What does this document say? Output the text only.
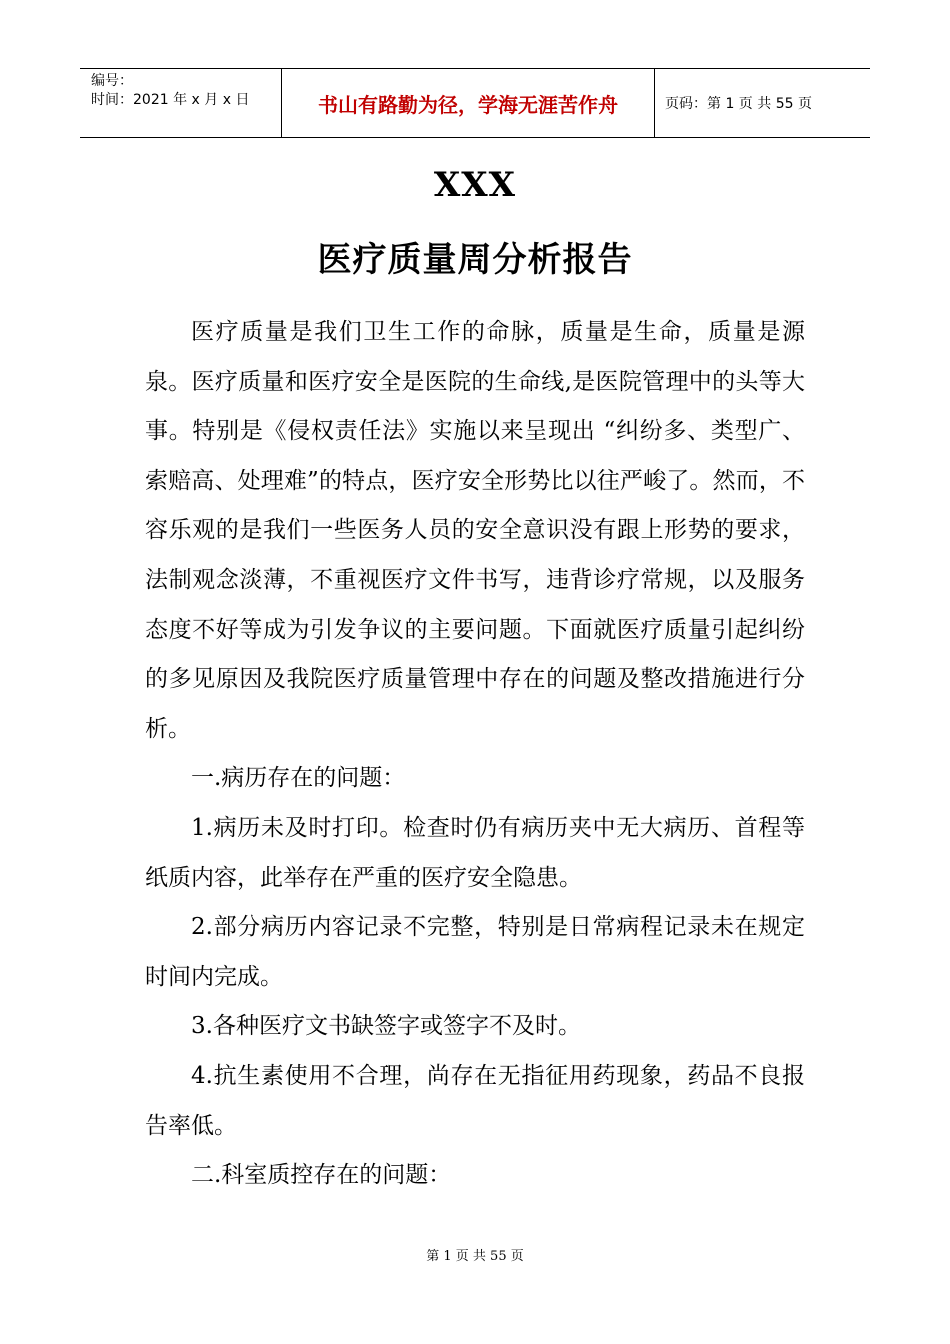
编号：
时间：2021 年 x 月 x 日	书山有路勤为径，学海无涯苦作舟	页码：第 1 页 共 55 页
XXX
医疗质量周分析报告

医疗质量是我们卫生工作的命脉，质量是生命，质量是源泉。医疗质量和医疗安全是医院的生命线,是医院管理中的头等大事。特别是《侵权责任法》实施以来呈现出 “纠纷多、类型广、索赔高、处理难”的特点，医疗安全形势比以往严峻了。然而，不容乐观的是我们一些医务人员的安全意识没有跟上形势的要求，法制观念淡薄，不重视医疗文件书写，违背诊疗常规，以及服务态度不好等成为引发争议的主要问题。下面就医疗质量引起纠纷的多见原因及我院医疗质量管理中存在的问题及整改措施进行分析。

一.病历存在的问题：

1.病历未及时打印。检查时仍有病历夹中无大病历、首程等纸质内容，此举存在严重的医疗安全隐患。

2.部分病历内容记录不完整，特别是日常病程记录未在规定时间内完成。

3.各种医疗文书缺签字或签字不及时。

4.抗生素使用不合理，尚存在无指征用药现象，药品不良报告率低。

二.科室质控存在的问题：

第 1 页 共 55 页
